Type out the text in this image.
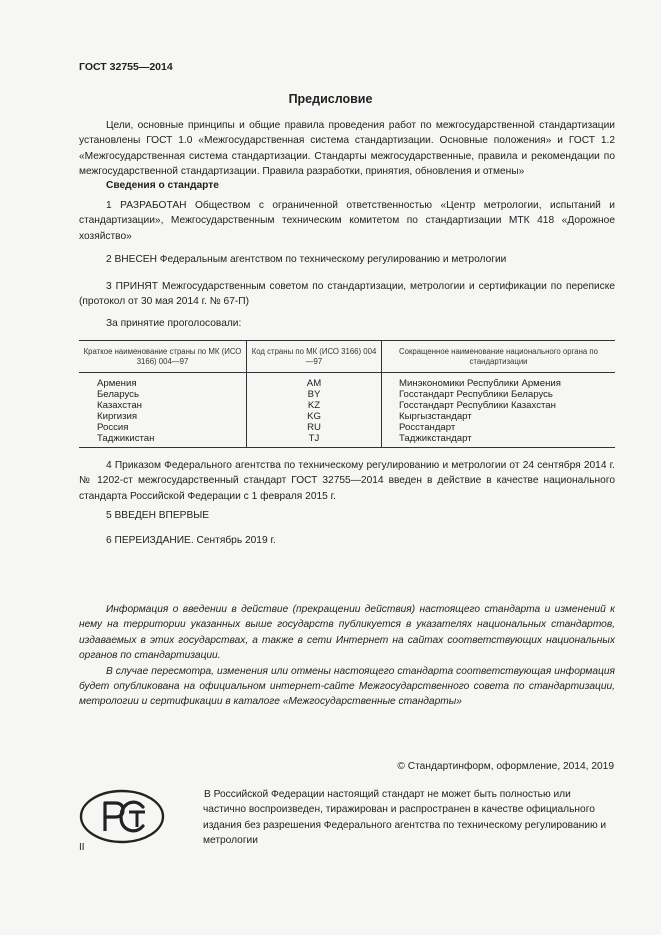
ГОСТ 32755—2014
Предисловие
Цели, основные принципы и общие правила проведения работ по межгосударственной стандартизации установлены ГОСТ 1.0 «Межгосударственная система стандартизации. Основные положения» и ГОСТ 1.2 «Межгосударственная система стандартизации. Стандарты межгосударственные, правила и рекомендации по межгосударственной стандартизации. Правила разработки, принятия, обновления и отмены»
Сведения о стандарте
1 РАЗРАБОТАН Обществом с ограниченной ответственностью «Центр метрологии, испытаний и стандартизации», Межгосударственным техническим комитетом по стандартизации МТК 418 «Дорожное хозяйство»
2 ВНЕСЕН Федеральным агентством по техническому регулированию и метрологии
3 ПРИНЯТ Межгосударственным советом по стандартизации, метрологии и сертификации по переписке (протокол от 30 мая 2014 г. № 67-П)
За принятие проголосовали:
Краткое наименование страны по МК (ИСО 3166) 004—97	Код страны по МК (ИСО 3166) 004—97	Сокращенное наименование национального органа по стандартизации
Армения	AM	Минэкономики Республики Армения
Беларусь	BY	Госстандарт Республики Беларусь
Казахстан	KZ	Госстандарт Республики Казахстан
Киргизия	KG	Кыргызстандарт
Россия	RU	Росстандарт
Таджикистан	TJ	Таджикстандарт
4 Приказом Федерального агентства по техническому регулированию и метрологии от 24 сентября 2014 г. № 1202-ст межгосударственный стандарт ГОСТ 32755—2014 введен в действие в качестве национального стандарта Российской Федерации с 1 февраля 2015 г.
5 ВВЕДЕН ВПЕРВЫЕ
6 ПЕРЕИЗДАНИЕ. Сентябрь 2019 г.
Информация о введении в действие (прекращении действия) настоящего стандарта и изменений к нему на территории указанных выше государств публикуется в указателях национальных стандартов, издаваемых в этих государствах, а также в сети Интернет на сайтах соответствующих национальных органов по стандартизации.
В случае пересмотра, изменения или отмены настоящего стандарта соответствующая информация будет опубликована на официальном интернет-сайте Межгосударственного совета по стандартизации, метрологии и сертификации в каталоге «Межгосударственные стандарты»
© Стандартинформ, оформление, 2014, 2019
В Российской Федерации настоящий стандарт не может быть полностью или частично воспроизведен, тиражирован и распространен в качестве официального издания без разрешения Федерального агентства по техническому регулированию и метрологии
II
